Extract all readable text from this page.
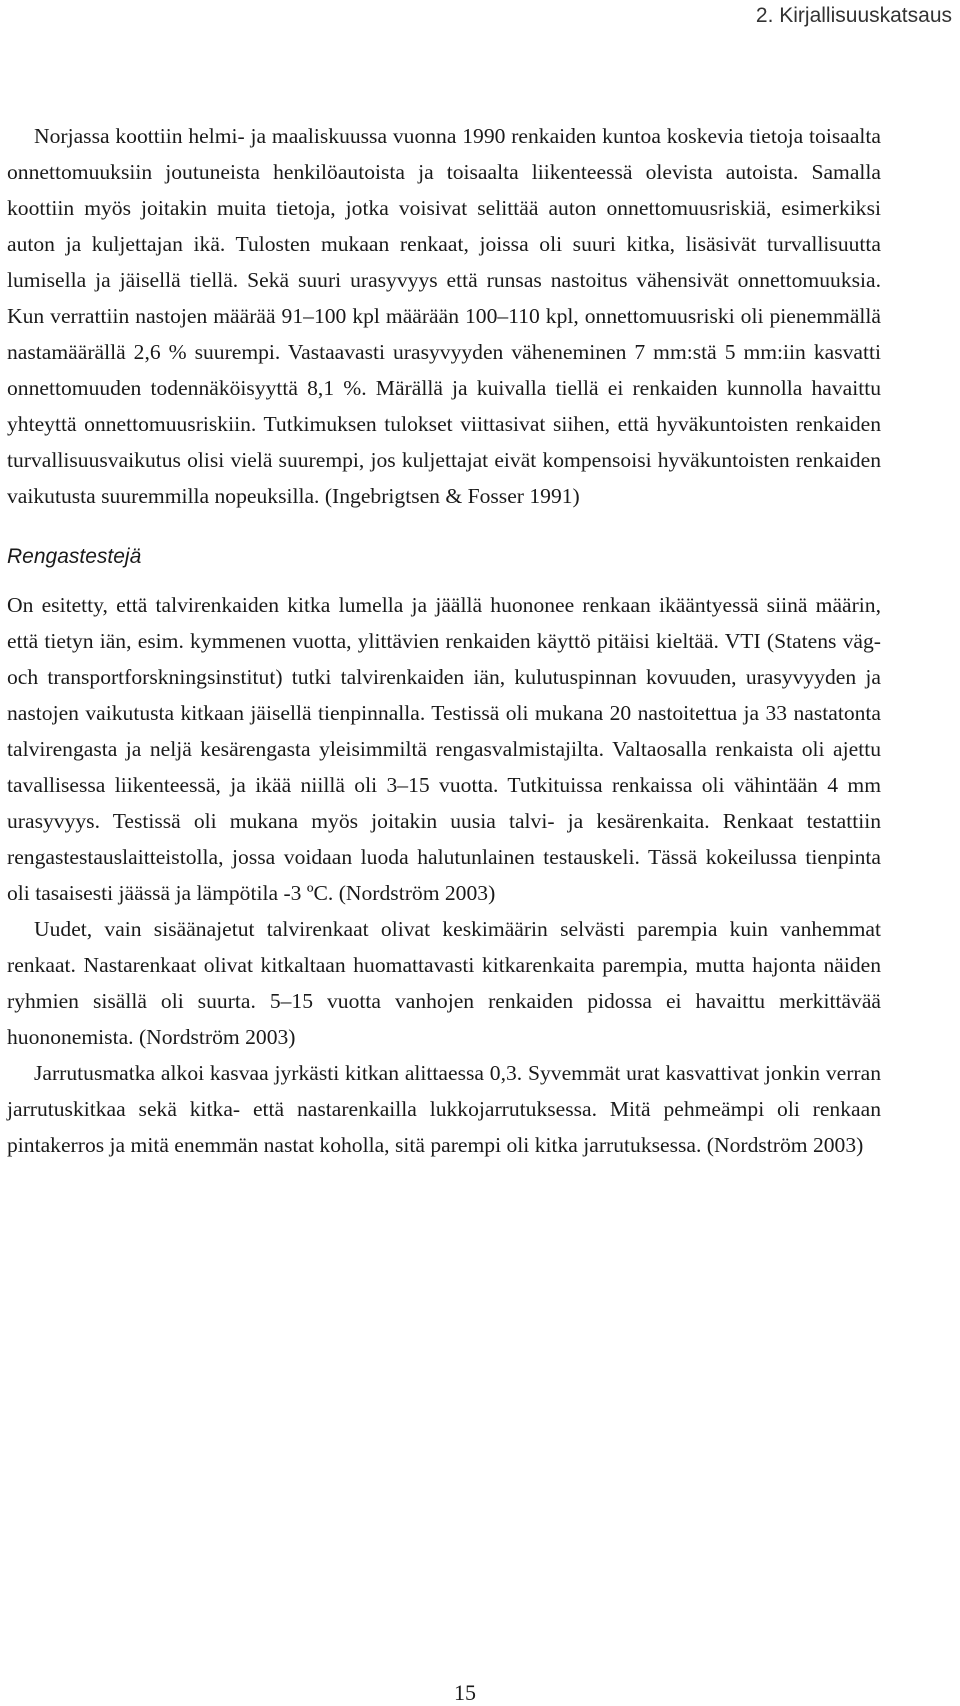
2. Kirjallisuuskatsaus

Norjassa koottiin helmi- ja maaliskuussa vuonna 1990 renkaiden kuntoa koskevia tietoja toisaalta onnettomuuksiin joutuneista henkilöautoista ja toisaalta liikenteessä olevista autoista. Samalla koottiin myös joitakin muita tietoja, jotka voisivat selittää auton onnettomuusriskiä, esimerkiksi auton ja kuljettajan ikä. Tulosten mukaan renkaat, joissa oli suuri kitka, lisäsivät turvallisuutta lumisella ja jäisellä tiellä. Sekä suuri urasyvyys että runsas nastoitus vähensivät onnettomuuksia. Kun verrattiin nastojen määrää 91–100 kpl määrään 100–110 kpl, onnettomuusriski oli pienemmällä nastamäärällä 2,6 % suurempi. Vastaavasti urasyvyyden väheneminen 7 mm:stä 5 mm:iin kasvatti onnettomuuden todennäköisyyttä 8,1 %. Märällä ja kuivalla tiellä ei renkaiden kunnolla havaittu yhteyttä onnettomuusriskiin. Tutkimuksen tulokset viittasivat siihen, että hyväkuntoisten renkaiden turvallisuusvaikutus olisi vielä suurempi, jos kuljettajat eivät kompensoisi hyväkuntoisten renkaiden vaikutusta suuremmilla nopeuksilla. (Ingebrigtsen & Fosser 1991)

Rengastestejä

On esitetty, että talvirenkaiden kitka lumella ja jäällä huononee renkaan ikääntyessä siinä määrin, että tietyn iän, esim. kymmenen vuotta, ylittävien renkaiden käyttö pitäisi kieltää. VTI (Statens väg-och transportforskningsinstitut) tutki talvirenkaiden iän, kulutuspinnan kovuuden, urasyvyyden ja nastojen vaikutusta kitkaan jäisellä tienpinnalla. Testissä oli mukana 20 nastoitettua ja 33 nastatonta talvirengasta ja neljä kesärengasta yleisimmiltä rengasvalmistajilta. Valtaosalla renkaista oli ajettu tavallisessa liikenteessä, ja ikää niillä oli 3–15 vuotta. Tutkituissa renkaissa oli vähintään 4 mm urasyvyys. Testissä oli mukana myös joitakin uusia talvi- ja kesärenkaita. Renkaat testattiin rengastestauslaitteistolla, jossa voidaan luoda halutunlainen testauskeli. Tässä kokeilussa tienpinta oli tasaisesti jäässä ja lämpötila -3 ºC. (Nordström 2003)

Uudet, vain sisäänajetut talvirenkaat olivat keskimäärin selvästi parempia kuin vanhemmat renkaat. Nastarenkaat olivat kitkaltaan huomattavasti kitkarenkaita parempia, mutta hajonta näiden ryhmien sisällä oli suurta. 5–15 vuotta vanhojen renkaiden pidossa ei havaittu merkittävää huononemista. (Nordström 2003)

Jarrutusmatka alkoi kasvaa jyrkästi kitkan alittaessa 0,3. Syvemmät urat kasvattivat jonkin verran jarrutuskitkaa sekä kitka- että nastarenkailla lukkojarrutuksessa. Mitä pehmeämpi oli renkaan pintakerros ja mitä enemmän nastat koholla, sitä parempi oli kitka jarrutuksessa. (Nordström 2003)

15
